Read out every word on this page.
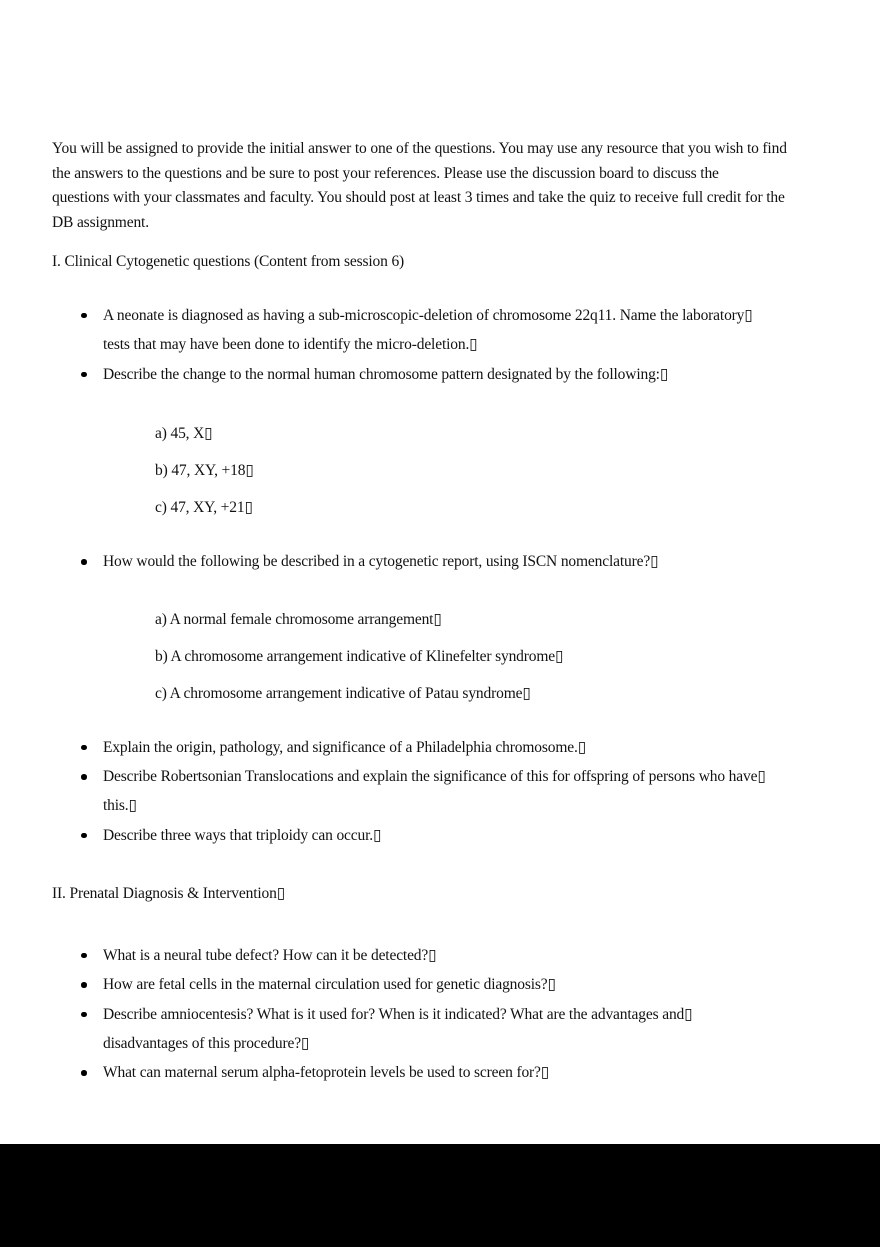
You will be assigned to provide the initial answer to one of the questions. You may use any resource that you wish to find
the answers to the questions and be sure to post your references. Please use the discussion board to discuss the
questions with your classmates and faculty. You should post at least 3 times and take the quiz to receive full credit for the
DB assignment.
I. Clinical Cytogenetic questions (Content from session 6)
A neonate is diagnosed as having a sub-microscopic-deletion of chromosome 22q11. Name the laboratory▯
tests that may have been done to identify the micro-deletion.▯
Describe the change to the normal human chromosome pattern designated by the following:▯
a) 45, X▯
b) 47, XY, +18▯
c) 47, XY, +21▯
How would the following be described in a cytogenetic report, using ISCN nomenclature?▯
a) A normal female chromosome arrangement▯
b) A chromosome arrangement indicative of Klinefelter syndrome▯
c) A chromosome arrangement indicative of Patau syndrome▯
Explain the origin, pathology, and significance of a Philadelphia chromosome.▯
Describe Robertsonian Translocations and explain the significance of this for offspring of persons who have▯
this.▯
Describe three ways that triploidy can occur.▯
II. Prenatal Diagnosis & Intervention▯
What is a neural tube defect? How can it be detected?▯
How are fetal cells in the maternal circulation used for genetic diagnosis?▯
Describe amniocentesis? What is it used for? When is it indicated? What are the advantages and▯
disadvantages of this procedure?▯
What can maternal serum alpha-fetoprotein levels be used to screen for?▯
